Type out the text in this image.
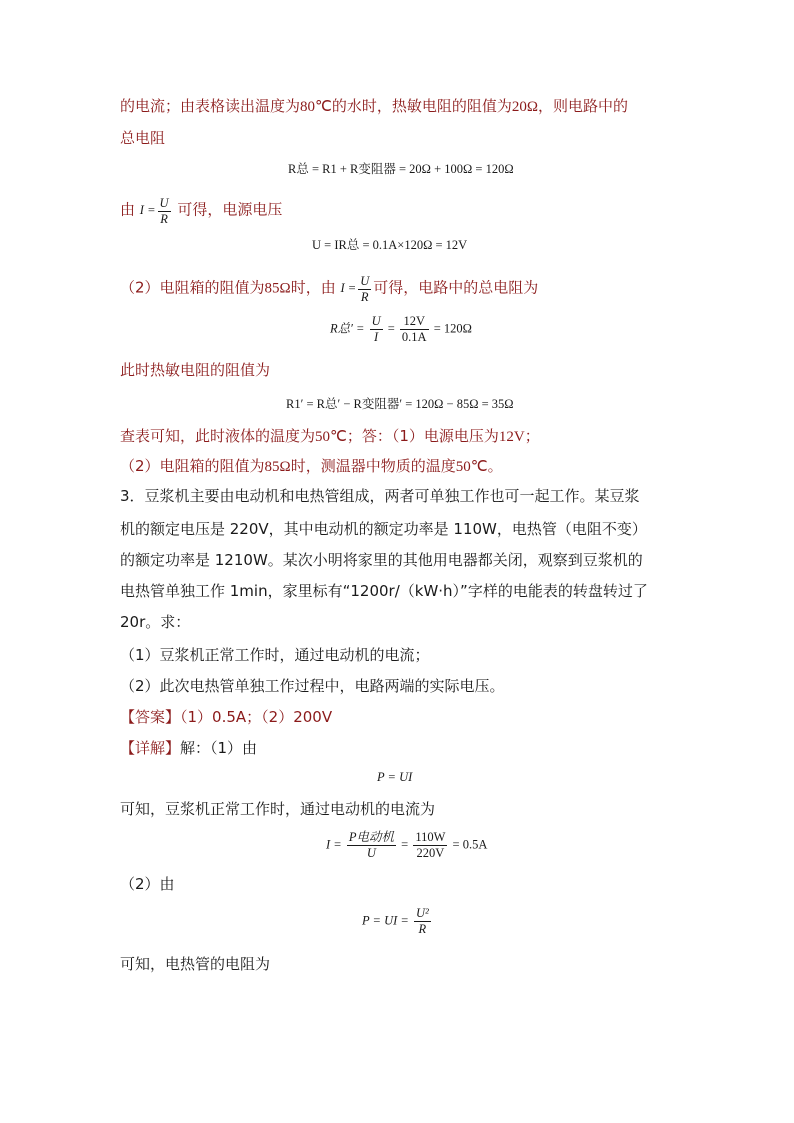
的电流；由表格读出温度为80℃的水时，热敏电阻的阻值为20Ω，则电路中的
总电阻
R总 = R1 + R变阻器 = 20Ω + 100Ω = 120Ω
由 $I = \frac{U}{R}$ 可得，电源电压
U = IR总 = 0.1A×120Ω = 12V
（2）电阻箱的阻值为85Ω时，由 $I = \frac{U}{R}$ 可得，电路中的总电阻为
R总′ = $\frac{U}{I} = \frac{12V}{0.1A} = 120\Omega$
此时热敏电阻的阻值为
R1′ = R总′ − R变阻器′ = 120Ω − 85Ω = 35Ω
查表可知，此时液体的温度为50℃；答：（1）电源电压为12V；
（2）电阻箱的阻值为85Ω时，测温器中物质的温度50℃。
3．豆浆机主要由电动机和电热管组成，两者可单独工作也可一起工作。某豆浆
机的额定电压是 220V，其中电动机的额定功率是 110W，电热管（电阻不变）
的额定功率是 1210W。某次小明将家里的其他用电器都关闭，观察到豆浆机的
电热管单独工作 1min，家里标有“1200r/（kW·h）”字样的电能表的转盘转过了
20r。求：
（1）豆浆机正常工作时，通过电动机的电流；
（2）此次电热管单独工作过程中，电路两端的实际电压。
【答案】（1）0.5A；（2）200V
【详解】解：（1）由
P = UI
可知，豆浆机正常工作时，通过电动机的电流为
$I = \frac{\text{P电动机}}{U} = \frac{110W}{220V} = 0.5A$
（2）由
P = UI = $\frac{\text{U²}}{R}$
可知，电热管的电阻为
